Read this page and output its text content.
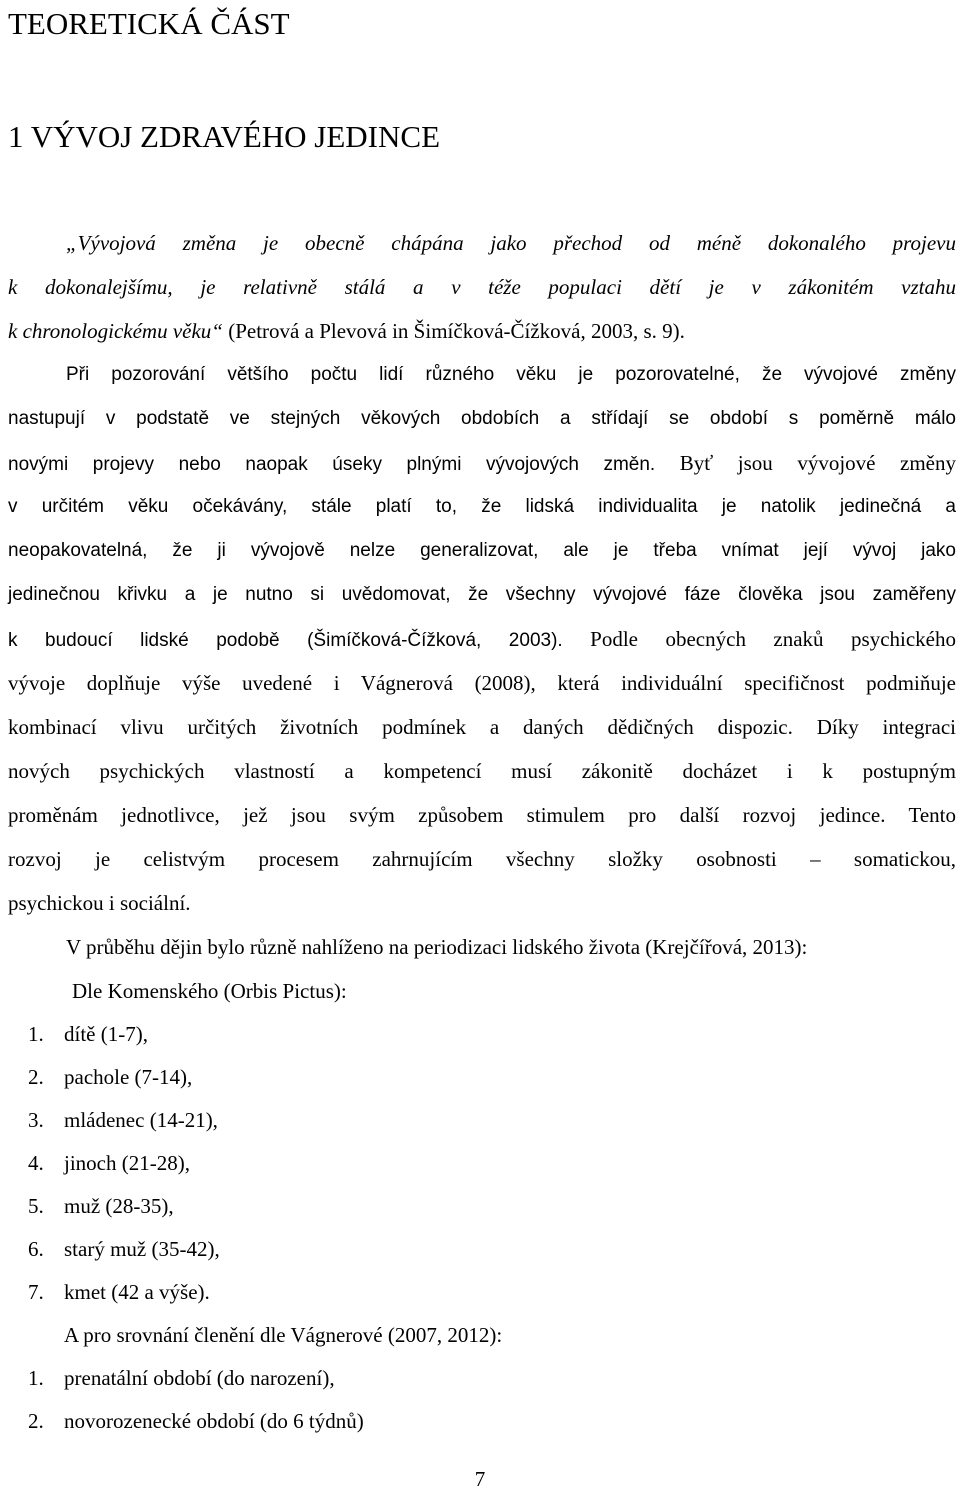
TEORETICKÁ ČÁST
1 VÝVOJ ZDRAVÉHO JEDINCE
„Vývojová změna je obecně chápána jako přechod od méně dokonalého projevu
k dokonalejšímu, je relativně stálá a v téže populaci dětí je v zákonitém vztahu
k chronologickému věku“ (Petrová a Plevová in Šimíčková-Čížková, 2003, s. 9).
Při pozorování většího počtu lidí různého věku je pozorovatelné, že vývojové změny
nastupují v podstatě ve stejných věkových obdobích a střídají se období s poměrně málo
novými projevy nebo naopak úseky plnými vývojových změn. Byť jsou vývojové změny
v určitém věku očekávány, stále platí to, že lidská individualita je natolik jedinečná a
neopakovatelná, že ji vývojově nelze generalizovat, ale je třeba vnímat její vývoj jako
jedinečnou křivku a je nutno si uvědomovat, že všechny vývojové fáze člověka jsou zaměřeny
k budoucí lidské podobě (Šimíčková-Čížková, 2003). Podle obecných znaků psychického
vývoje doplňuje výše uvedené i Vágnerová (2008), která individuální specifičnost podmiňuje
kombinací vlivu určitých životních podmínek a daných dědičných dispozic. Díky integraci
nových psychických vlastností a kompetencí musí zákonitě docházet i k postupným
proměnám jednotlivce, jež jsou svým způsobem stimulem pro další rozvoj jedince. Tento
rozvoj je celistvým procesem zahrnujícím všechny složky osobnosti – somatickou,
psychickou i sociální.
V průběhu dějin bylo různě nahlíženo na periodizaci lidského života (Krejčířová, 2013):
Dle Komenského (Orbis Pictus):
1. dítě (1-7),
2. pachole (7-14),
3. mládenec (14-21),
4. jinoch (21-28),
5. muž (28-35),
6. starý muž (35-42),
7. kmet (42 a výše).
A pro srovnání členění dle Vágnerové (2007, 2012):
1. prenatální období (do narození),
2. novorozenecké období (do 6 týdnů)
7
